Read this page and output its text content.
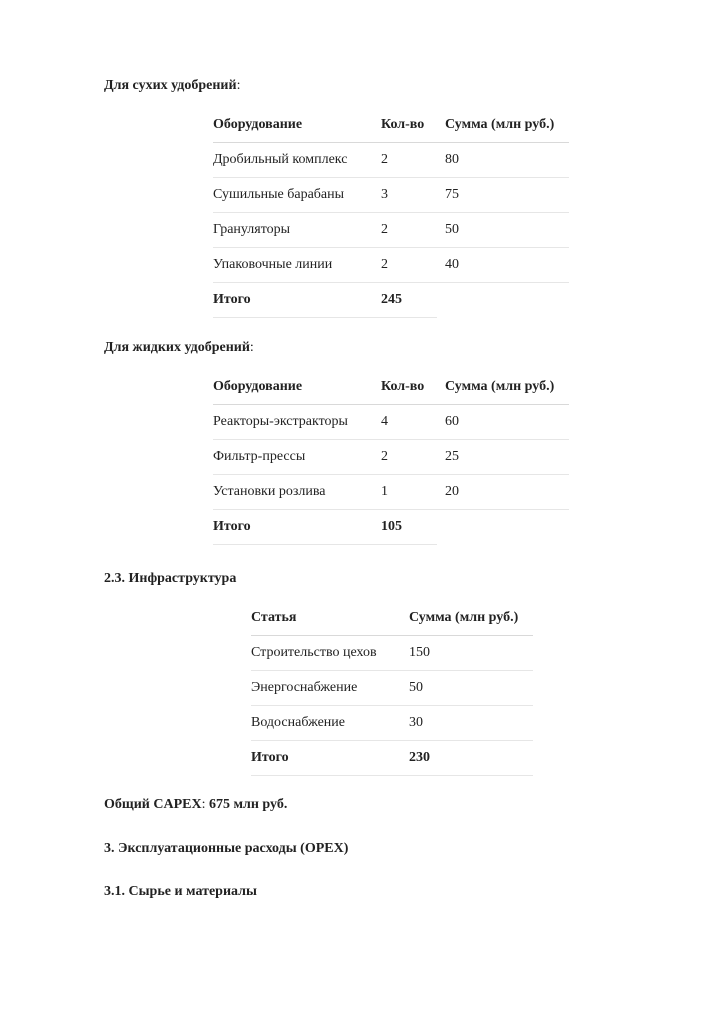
Для сухих удобрений:

Оборудование	Кол-во	Сумма (млн руб.)
Дробильный комплекс	2	80
Сушильные барабаны	3	75
Грануляторы	2	50
Упаковочные линии	2	40
Итого	245	

Для жидких удобрений:

Оборудование	Кол-во	Сумма (млн руб.)
Реакторы-экстракторы	4	60
Фильтр-прессы	2	25
Установки розлива	1	20
Итого	105	

2.3. Инфраструктура

Статья	Сумма (млн руб.)
Строительство цехов	150
Энергоснабжение	50
Водоснабжение	30
Итого	230

Общий CAPEX: 675 млн руб.

3. Эксплуатационные расходы (OPEX)

3.1. Сырье и материалы
